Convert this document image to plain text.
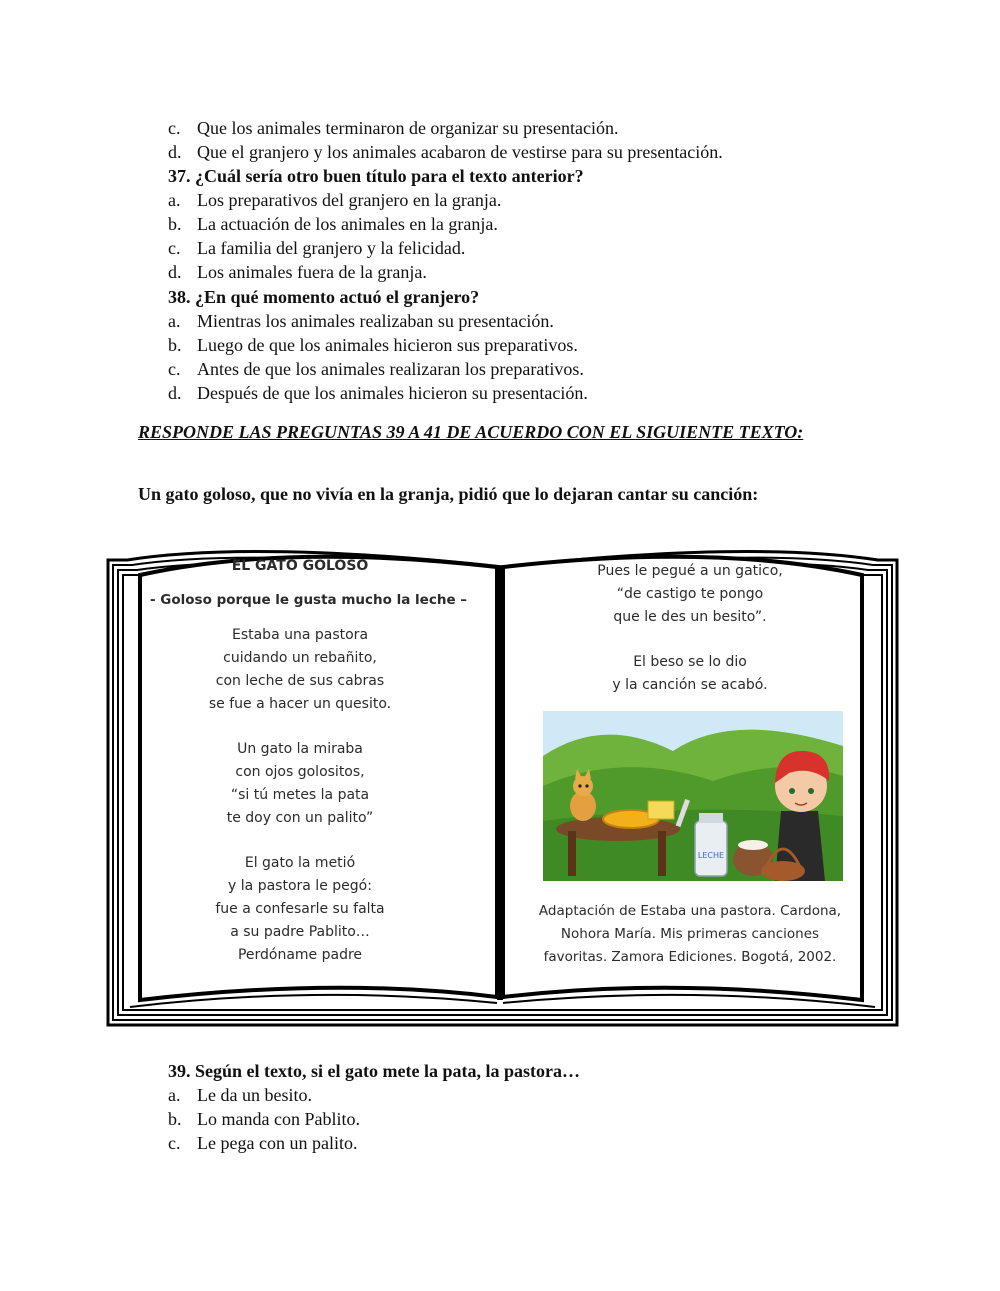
c. Que los animales terminaron de organizar su presentación.
d. Que el granjero y los animales acabaron de vestirse para su presentación.
37. ¿Cuál sería otro buen título para el texto anterior?
a. Los preparativos del granjero en la granja.
b. La actuación de los animales en la granja.
c. La familia del granjero y la felicidad.
d. Los animales fuera de la granja.
38. ¿En qué momento actuó el granjero?
a. Mientras los animales realizaban su presentación.
b. Luego de que los animales hicieron sus preparativos.
c. Antes de que los animales realizaran los preparativos.
d. Después de que los animales hicieron su presentación.
RESPONDE LAS PREGUNTAS 39 A 41 DE ACUERDO CON EL SIGUIENTE TEXTO:
Un gato goloso, que no vivía en la granja, pidió que lo dejaran cantar su canción:
EL GATO GOLOSO
- Goloso porque le gusta mucho la leche –
Estaba una pastora
cuidando un rebañito,
con leche de sus cabras
se fue a hacer un quesito.
Un gato la miraba
con ojos golositos,
“si tú metes la pata
te doy con un palito”
El gato la metió
y la pastora le pegó:
fue a confesarle su falta
a su padre Pablito…
Perdóname padre
Pues le pegué a un gatico,
“de castigo te pongo
que le des un besito”.
El beso se lo dio
y la canción se acabó.
LECHE
Adaptación de Estaba una pastora. Cardona,
Nohora María. Mis primeras canciones
favoritas. Zamora Ediciones. Bogotá, 2002.
39. Según el texto, si el gato mete la pata, la pastora…
a. Le da un besito.
b. Lo manda con Pablito.
c. Le pega con un palito.
